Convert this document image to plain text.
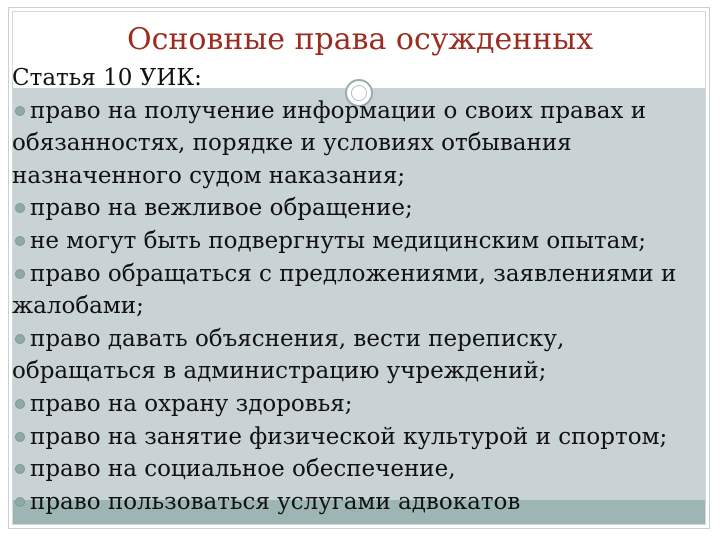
Основные права осужденных
Статья 10 УИК:
право на получение информации о своих правах и
обязанностях, порядке и условиях отбывания
назначенного судом наказания;
право на вежливое обращение;
не могут быть подвергнуты медицинским опытам;
право обращаться с предложениями, заявлениями и
жалобами;
право давать объяснения, вести переписку,
обращаться в администрацию учреждений;
право на охрану здоровья;
право на занятие физической культурой и спортом;
право на социальное обеспечение,
право пользоваться услугами адвокатов
